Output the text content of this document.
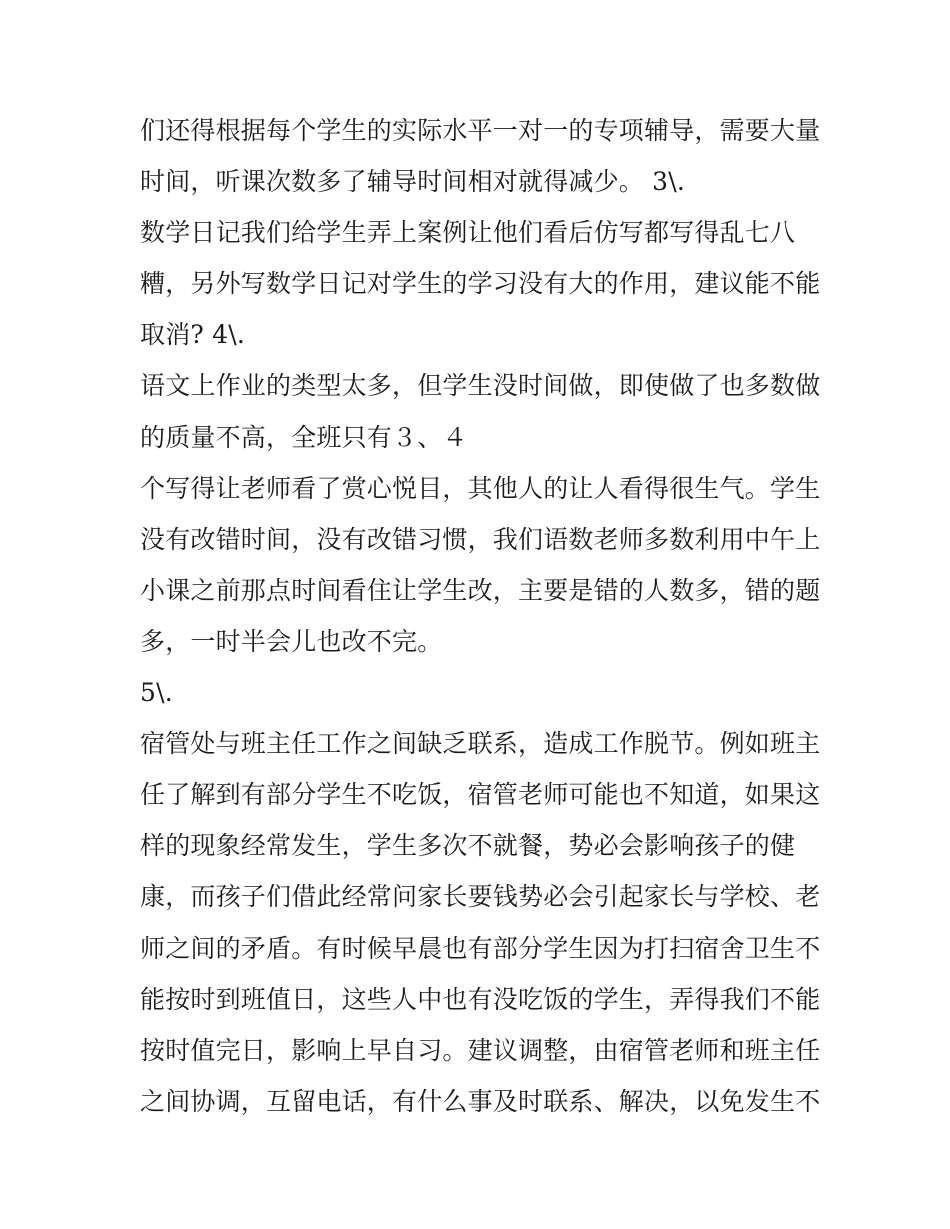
们还得根据每个学生的实际水平一对一的专项辅导，需要大量
时间，听课次数多了辅导时间相对就得减少。 3\.
数学日记我们给学生弄上案例让他们看后仿写都写得乱七八
糟，另外写数学日记对学生的学习没有大的作用，建议能不能
取消? 4\.
语文上作业的类型太多，但学生没时间做，即使做了也多数做
的质量不高，全班只有３、４
个写得让老师看了赏心悦目，其他人的让人看得很生气。学生
没有改错时间，没有改错习惯，我们语数老师多数利用中午上
小课之前那点时间看住让学生改，主要是错的人数多，错的题
多，一时半会儿也改不完。
5\.
宿管处与班主任工作之间缺乏联系，造成工作脱节。例如班主
任了解到有部分学生不吃饭，宿管老师可能也不知道，如果这
样的现象经常发生，学生多次不就餐，势必会影响孩子的健
康，而孩子们借此经常问家长要钱势必会引起家长与学校、老
师之间的矛盾。有时候早晨也有部分学生因为打扫宿舍卫生不
能按时到班值日，这些人中也有没吃饭的学生，弄得我们不能
按时值完日，影响上早自习。建议调整，由宿管老师和班主任
之间协调，互留电话，有什么事及时联系、解决，以免发生不
